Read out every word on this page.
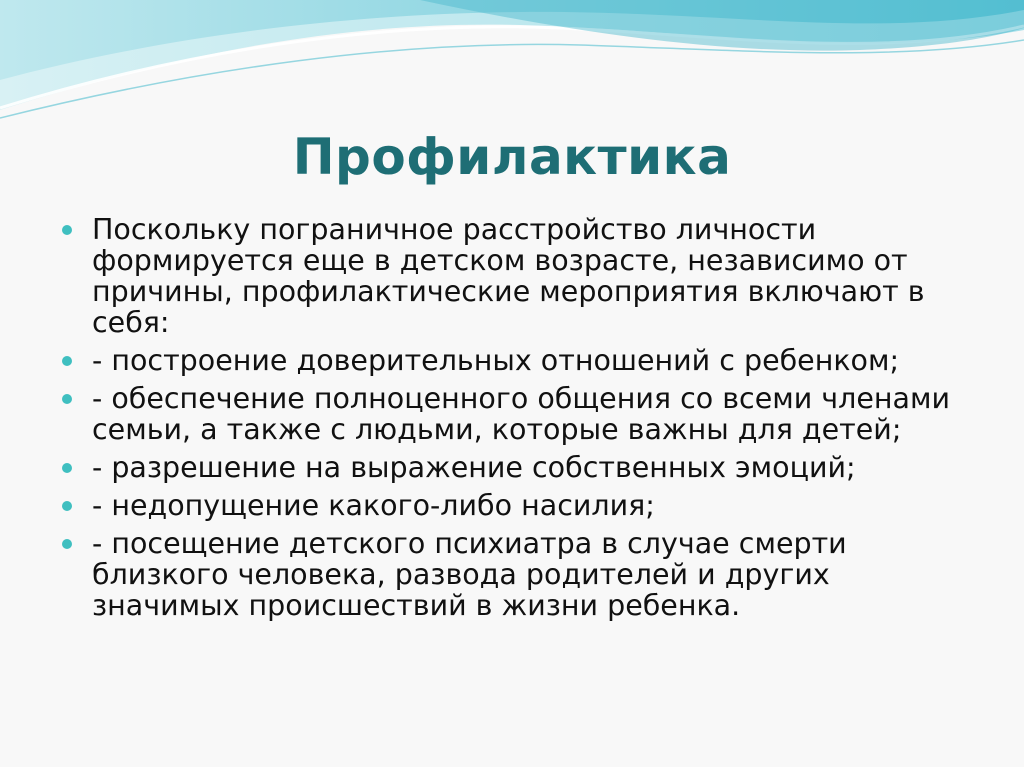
Профилактика
Поскольку пограничное расстройство личности формируется еще в детском возрасте, независимо от причины, профилактические мероприятия включают в себя:
- построение доверительных отношений с ребенком;
- обеспечение полноценного общения со всеми членами семьи, а также с людьми, которые важны для детей;
- разрешение на выражение собственных эмоций;
- недопущение какого-либо насилия;
- посещение детского психиатра в случае смерти близкого человека, развода родителей и других значимых происшествий в жизни ребенка.
